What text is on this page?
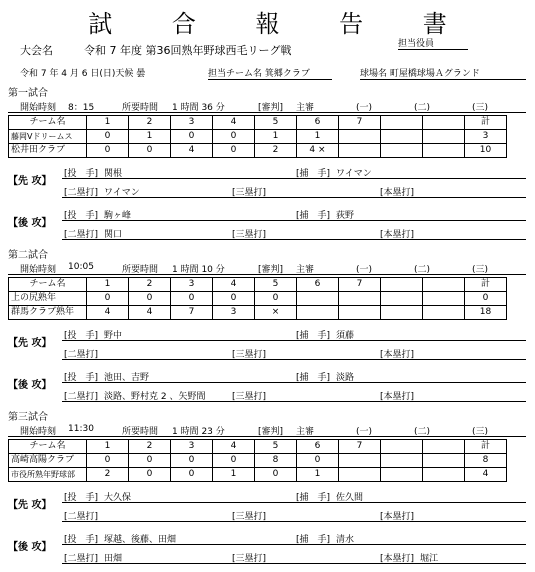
試 合 報 告 書
担当役員
大会名	令和 7 年度 第36回熟年野球西毛リーグ戦
令和 7 年 4 月 6 日(日)天候 曇	担当チーム名 箕郷クラブ	球場名 町屋橋球場Ａグランド
第一試合
開始時刻 8：15	所要時間 1 時間 36 分	[審判] 主審	(一)	(二)	(三)
チーム名	1	2	3	4	5	6	7			計
藤岡Vドリームス	0	1	0	0	1	1				3
松井田クラブ	0	0	4	0	2	4 ×				10
【先 攻】
[投　手] 関根	[捕　手] ワイマン
[二塁打] ワイマン	[三塁打]	[本塁打]
【後 攻】
[投　手] 駒ヶ峰	[捕　手] 荻野
[二塁打] 関口	[三塁打]	[本塁打]
第二試合
開始時刻 10:05	所要時間 1 時間 10 分	[審判] 主審	(一)	(二)	(三)
チーム名	1	2	3	4	5	6	7			計
上の尻熟年	0	0	0	0	0					0
群馬クラブ熟年	4	4	7	3	×					18
【先 攻】
[投　手] 野中	[捕　手] 須藤
[二塁打]	[三塁打]	[本塁打]
【後 攻】
[投　手] 池田、吉野	[捕　手] 淡路
[二塁打] 淡路、野村克 2 、矢野間	[三塁打]	[本塁打]
第三試合
開始時刻 11:30	所要時間 1 時間 23 分	[審判] 主審	(一)	(二)	(三)
チーム名	1	2	3	4	5	6	7			計
高崎高陽クラブ	0	0	0	0	8	0				8
市役所熟年野球部	2	0	0	1	0	1				4
【先 攻】
[投　手] 大久保	[捕　手] 佐久間
[二塁打]	[三塁打]	[本塁打]
【後 攻】
[投　手] 塚越、後藤、田畑	[捕　手] 清水
[二塁打] 田畑	[三塁打]	[本塁打] 堀江
